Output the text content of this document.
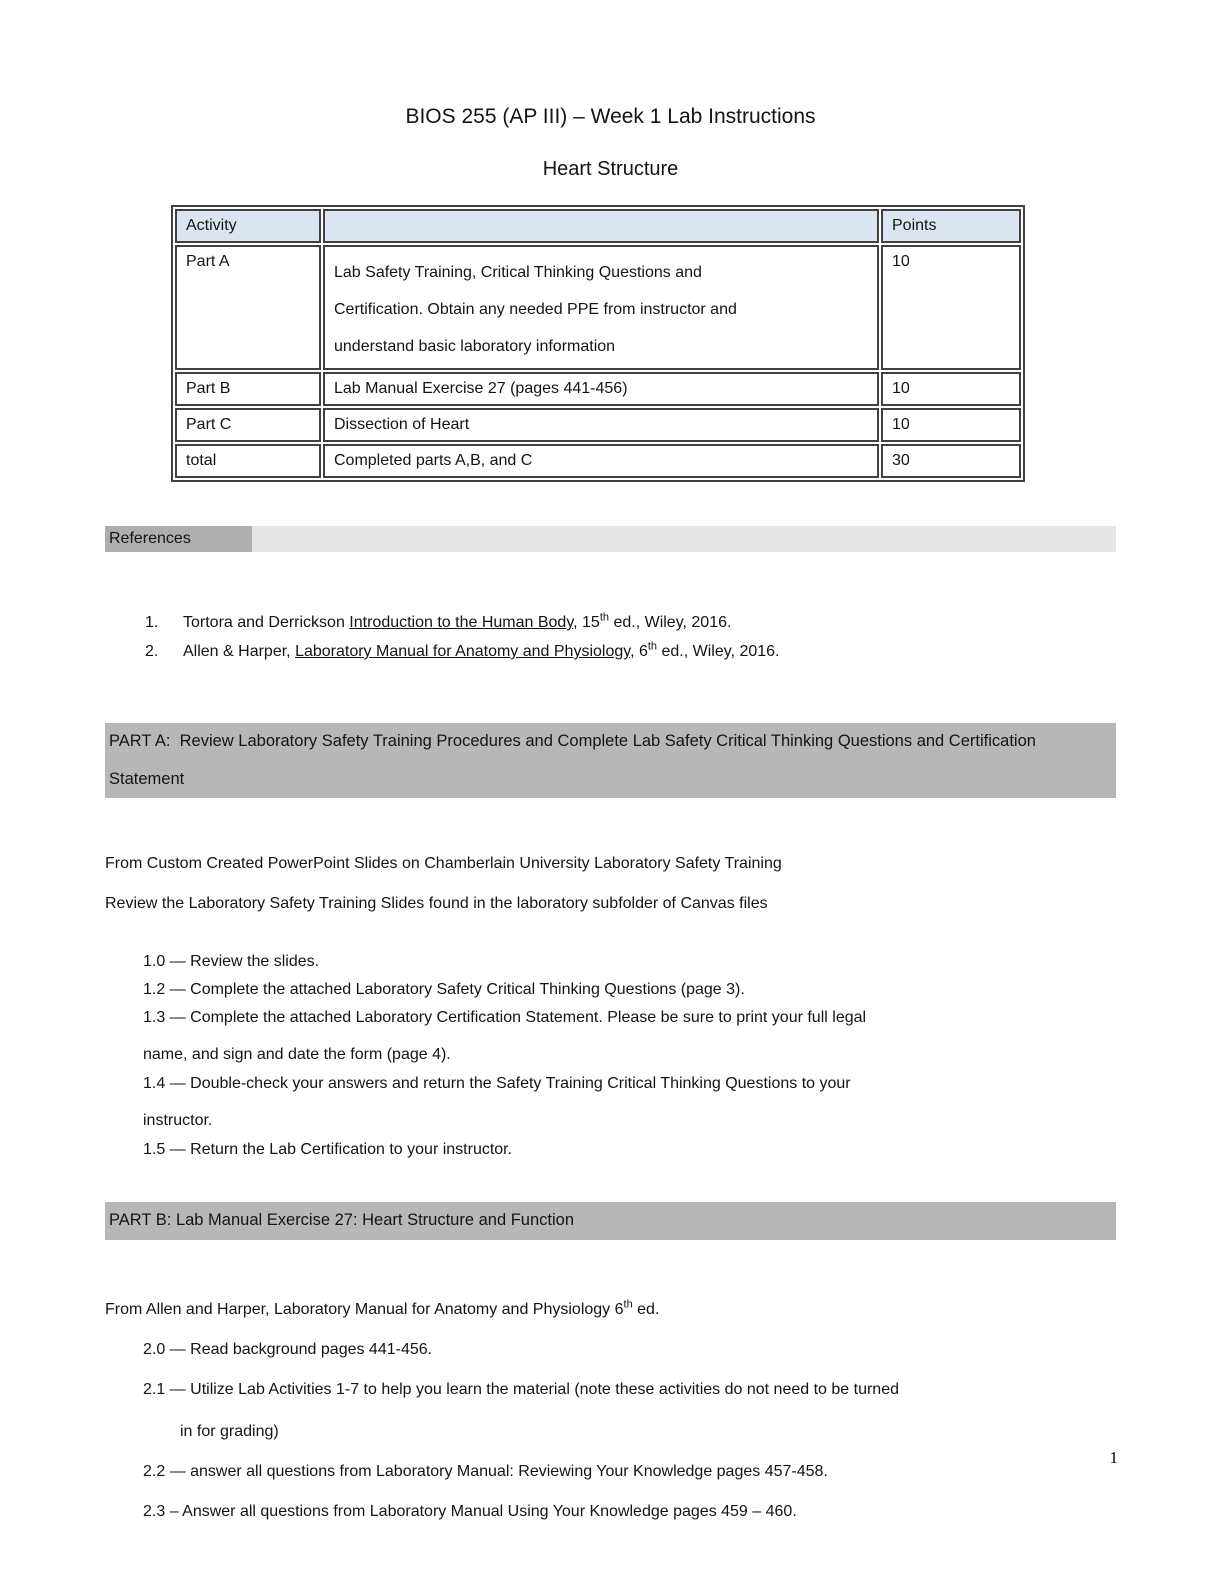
BIOS 255 (AP III) – Week 1 Lab Instructions
Heart Structure
Activity		Points
Part A	Lab Safety Training, Critical Thinking Questions and
Certification. Obtain any needed PPE from instructor and
understand basic laboratory information	10
Part B	Lab Manual Exercise 27 (pages 441-456)	10
Part C	Dissection of Heart	10
total	Completed parts A,B, and C	30
References
1. Tortora and Derrickson Introduction to the Human Body, 15th ed., Wiley, 2016.
2. Allen & Harper, Laboratory Manual for Anatomy and Physiology, 6th ed., Wiley, 2016.
PART A:  Review Laboratory Safety Training Procedures and Complete Lab Safety Critical Thinking Questions and Certification Statement

From Custom Created PowerPoint Slides on Chamberlain University Laboratory Safety Training

Review the Laboratory Safety Training Slides found in the laboratory subfolder of Canvas files

1.0 — Review the slides.
1.2 — Complete the attached Laboratory Safety Critical Thinking Questions (page 3).
1.3 — Complete the attached Laboratory Certification Statement. Please be sure to print your full legal
name, and sign and date the form (page 4).
1.4 — Double-check your answers and return the Safety Training Critical Thinking Questions to your
instructor.
1.5 — Return the Lab Certification to your instructor.
PART B: Lab Manual Exercise 27: Heart Structure and Function

From Allen and Harper, Laboratory Manual for Anatomy and Physiology 6th ed.

2.0 — Read background pages 441-456.
2.1 — Utilize Lab Activities 1-7 to help you learn the material (note these activities do not need to be turned
in for grading)
2.2 — answer all questions from Laboratory Manual: Reviewing Your Knowledge pages 457-458.
2.3 – Answer all questions from Laboratory Manual Using Your Knowledge pages 459 – 460.
1
